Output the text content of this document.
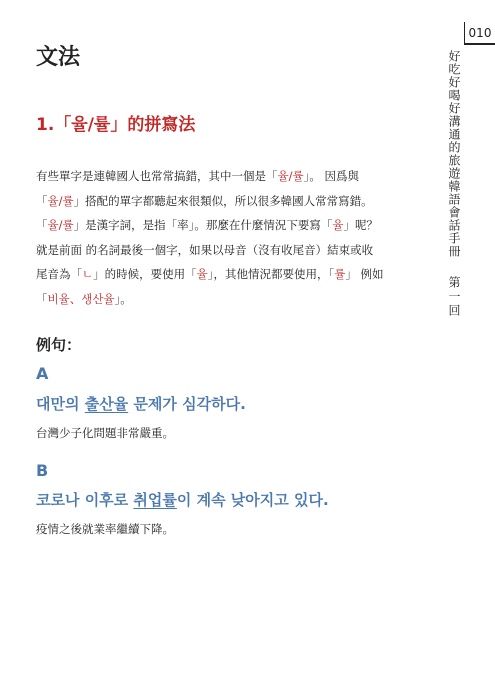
010
好吃好喝好溝通的旅遊韓語會話手冊
第一回
文法
1.「율/률」的拼寫法
有些單字是連韓國人也常常搞錯，其中一個是「율/률」。 因爲與
「율/률」搭配的單字都聽起來很類似，所以很多韓國人常常寫錯。
「율/률」是漢字詞，是指「率」。那麼在什麼情況下要寫「율」呢？
就是前面 的名詞最後一個字，如果以母音（沒有收尾音）結束或收
尾音為「ㄴ」的時候，要使用「율」，其他情況都要使用，「률」 例如
「비율、생산율」。
例句：
A
대만의 출산율 문제가 심각하다.
台灣少子化問題非常嚴重。
B
코로나 이후로 취업률이 계속 낮아지고 있다.
疫情之後就業率繼續下降。
